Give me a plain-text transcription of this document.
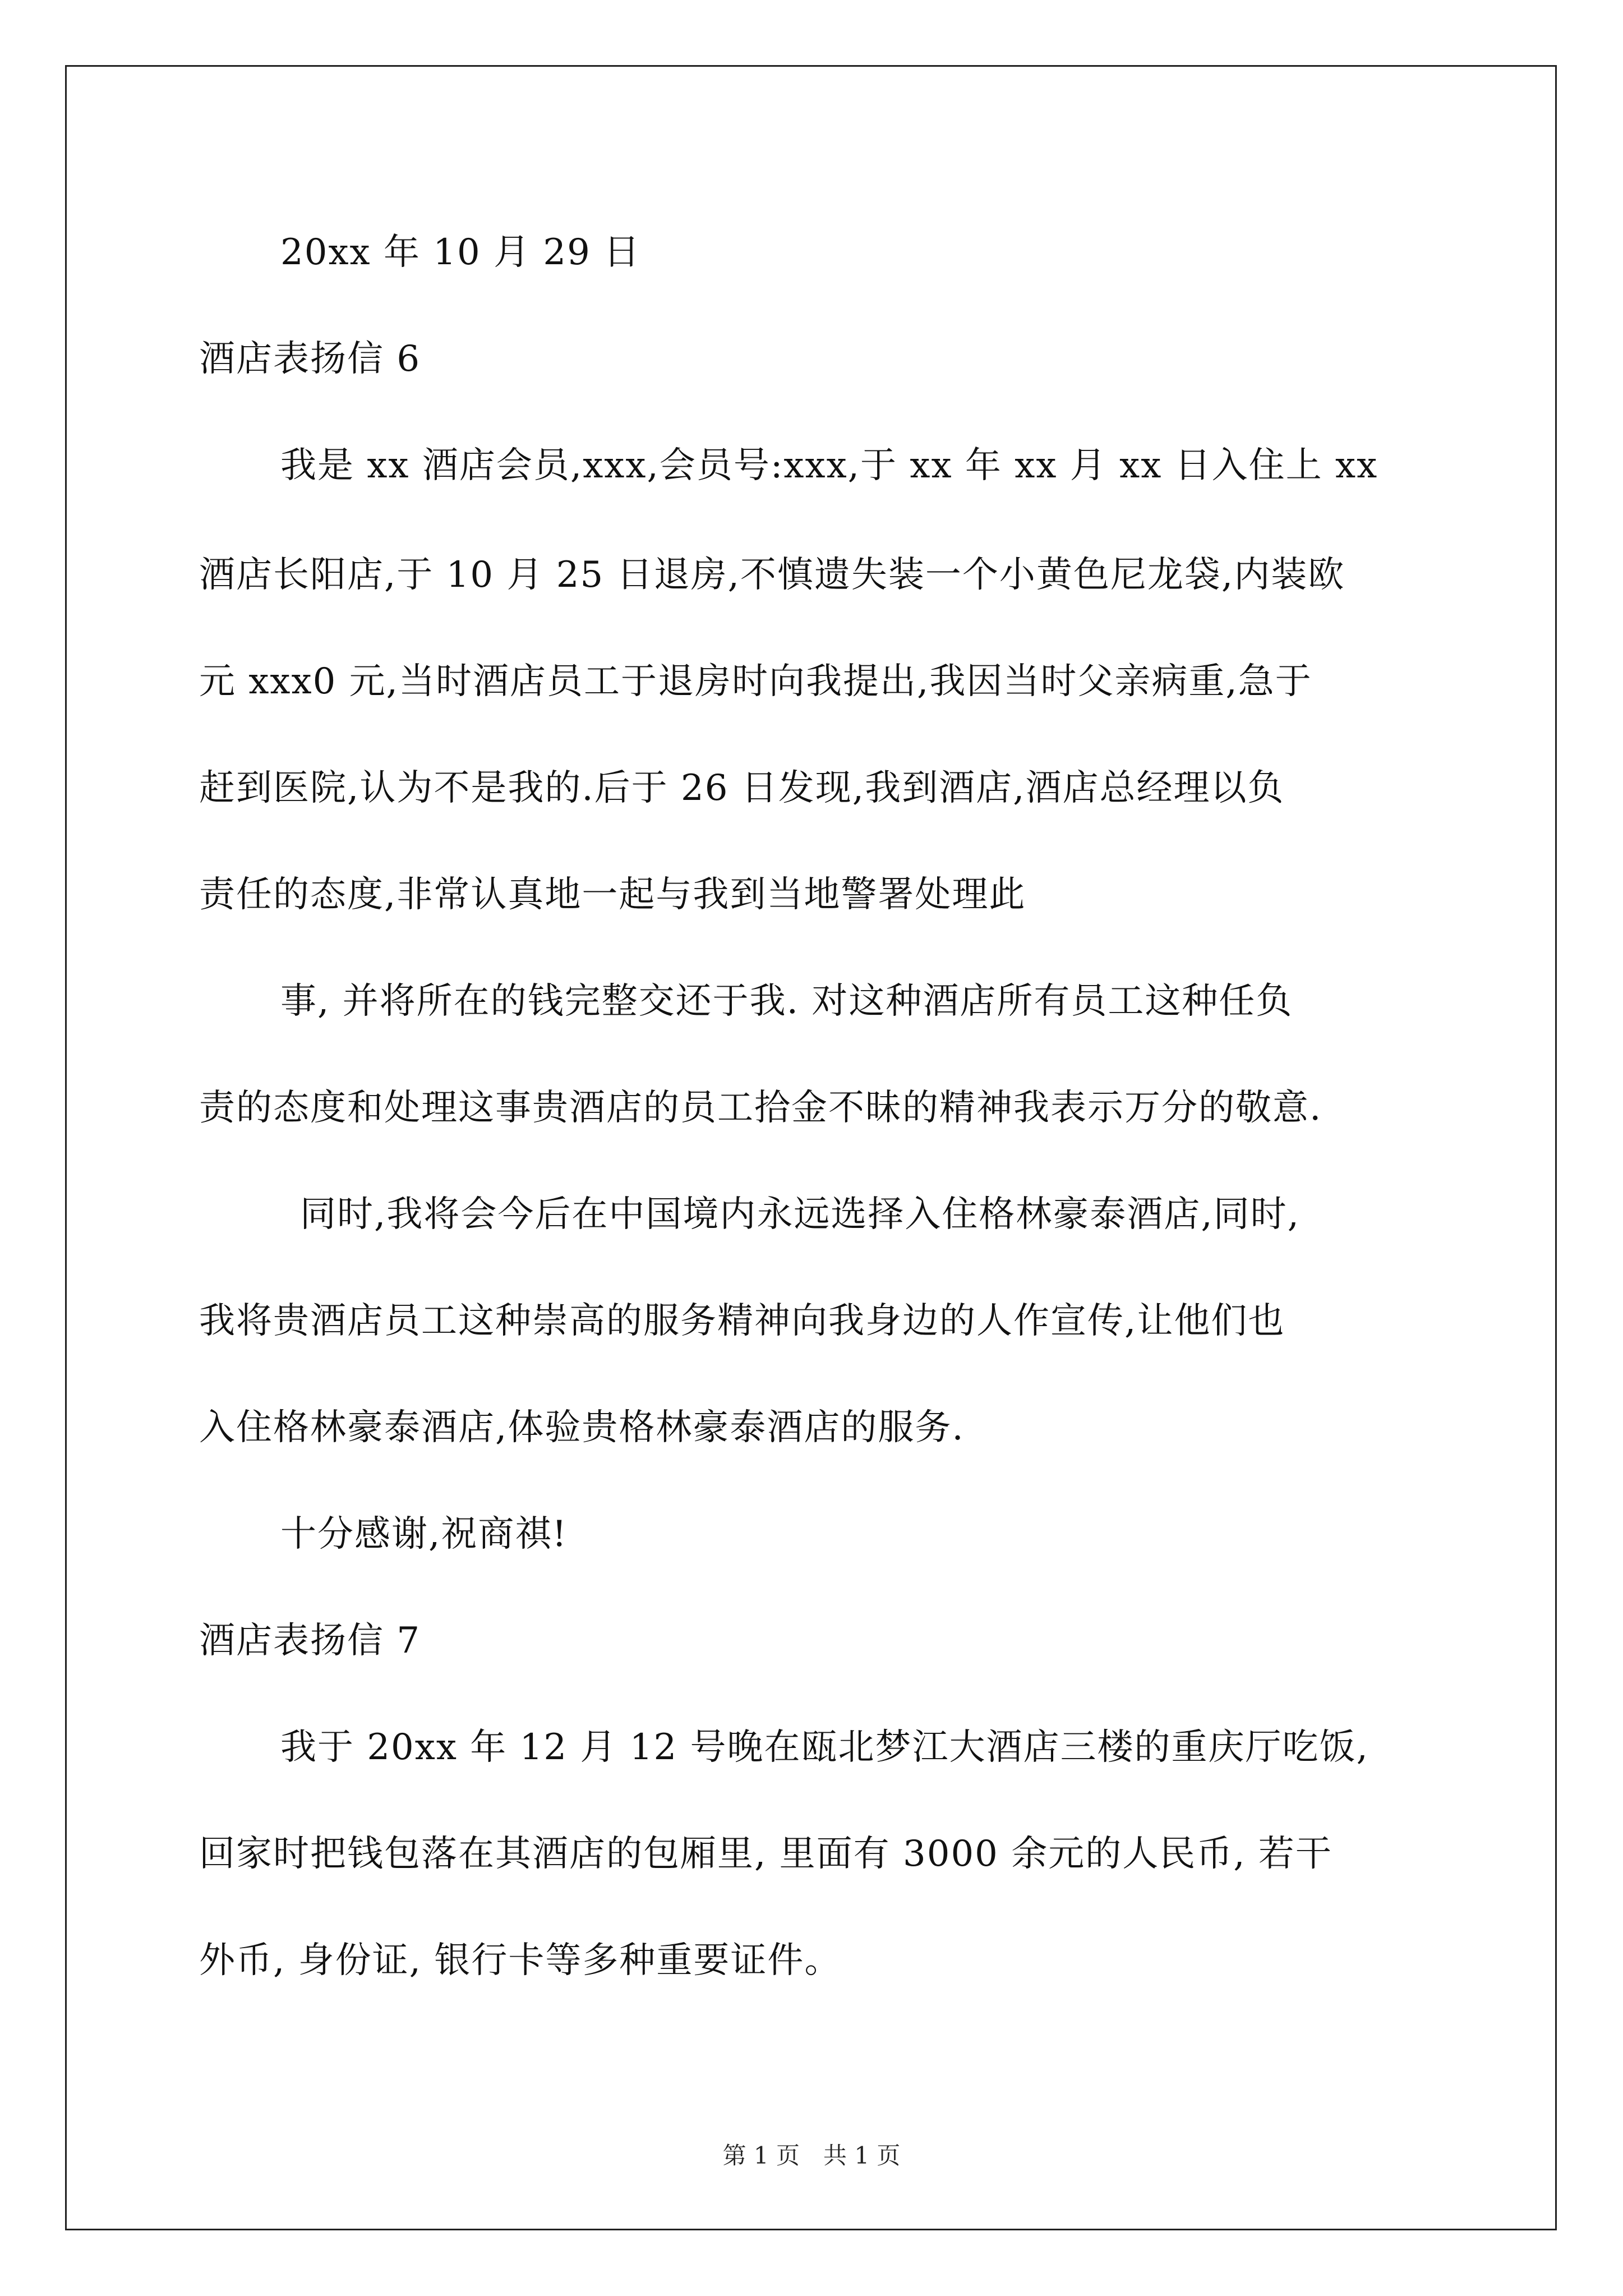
20xx 年 10 月 29 日
酒店表扬信 6
我是 xx 酒店会员,xxx,会员号:xxx,于 xx 年 xx 月 xx 日入住上 xx
酒店长阳店,于 10 月 25 日退房,不慎遗失装一个小黄色尼龙袋,内装欧
元 xxx0 元,当时酒店员工于退房时向我提出,我因当时父亲病重,急于
赶到医院,认为不是我的.后于 26 日发现,我到酒店,酒店总经理以负
责任的态度,非常认真地一起与我到当地警署处理此
事, 并将所在的钱完整交还于我. 对这种酒店所有员工这种任负
责的态度和处理这事贵酒店的员工拾金不昧的精神我表示万分的敬意.
同时,我将会今后在中国境内永远选择入住格林豪泰酒店,同时,
我将贵酒店员工这种崇高的服务精神向我身边的人作宣传,让他们也
入住格林豪泰酒店,体验贵格林豪泰酒店的服务.
十分感谢,祝商祺!
酒店表扬信 7
我于 20xx 年 12 月 12 号晚在瓯北梦江大酒店三楼的重庆厅吃饭,
回家时把钱包落在其酒店的包厢里, 里面有 3000 余元的人民币, 若干
外币, 身份证, 银行卡等多种重要证件。
第 1 页　共 1 页
